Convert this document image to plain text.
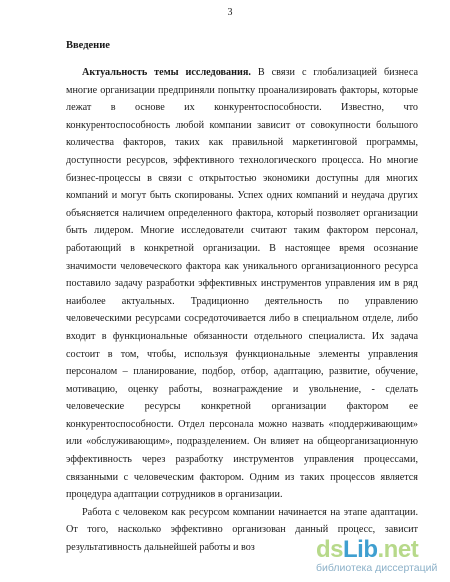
3
Введение
Актуальность темы исследования. В связи с глобализацией бизнеса
многие организации предприняли попытку проанализировать факторы, которые
лежат в основе их конкурентоспособности. Известно, что
конкурентоспособность любой компании зависит от совокупности большого
количества факторов, таких как правильной маркетинговой программы,
доступности ресурсов, эффективного технологического процесса. Но многие
бизнес-процессы в связи с открытостью экономики доступны для многих
компаний и могут быть скопированы. Успех одних компаний и неудача других
объясняется наличием определенного фактора, который позволяет организации
быть лидером. Многие исследователи считают таким фактором персонал,
работающий в конкретной организации. В настоящее время осознание
значимости человеческого фактора как уникального организационного ресурса
поставило задачу разработки эффективных инструментов управления им в ряд
наиболее актуальных. Традиционно деятельность по управлению
человеческими ресурсами сосредоточивается либо в специальном отделе, либо
входит в функциональные обязанности отдельного специалиста. Их задача
состоит в том, чтобы, используя функциональные элементы управления
персоналом – планирование, подбор, отбор, адаптацию, развитие, обучение,
мотивацию, оценку работы, вознаграждение и увольнение, - сделать
человеческие ресурсы конкретной организации фактором ее
конкурентоспособности. Отдел персонала можно назвать «поддерживающим»
или «обслуживающим», подразделением. Он влияет на общеорганизационную
эффективность через разработку инструментов управления процессами,
связанными с человеческим фактором. Одним из таких процессов является
процедура адаптации сотрудников в организации.
Работа с человеком как ресурсом компании начинается на этапе адаптации.
От того, насколько эффективно организован данный процесс, зависит
результативность дальнейшей работы и воз	dsLib.net
библиотека диссертаций
